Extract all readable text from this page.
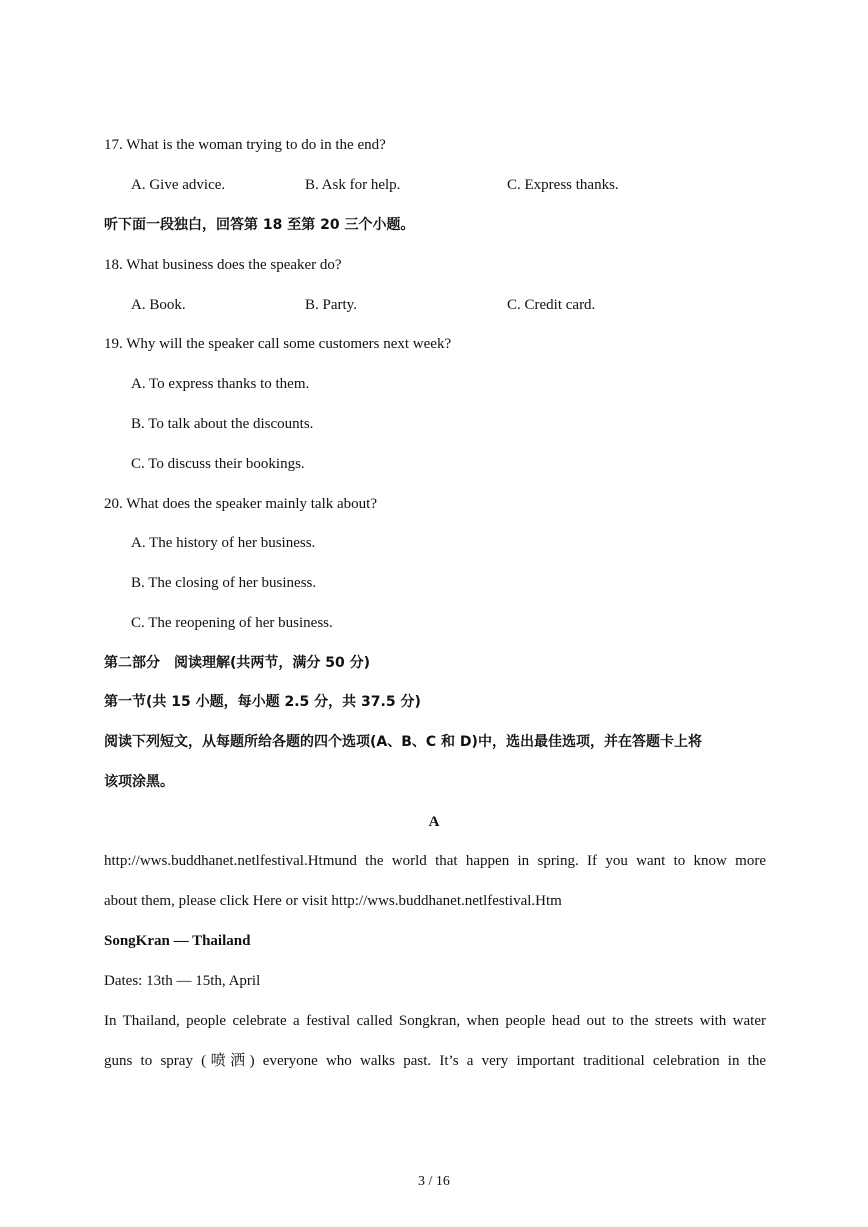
17. What is the woman trying to do in the end?
A. Give advice.	B. Ask for help.	C. Express thanks.
听下面一段独白，回答第 18 至第 20 三个小题。
18. What business does the speaker do?
A. Book.	B. Party.	C. Credit card.
19. Why will the speaker call some customers next week?
A. To express thanks to them.
B. To talk about the discounts.
C. To discuss their bookings.
20. What does the speaker mainly talk about?
A. The history of her business.
B. The closing of her business.
C. The reopening of her business.
第二部分　阅读理解(共两节，满分 50 分)
第一节(共 15 小题，每小题 2.5 分，共 37.5 分)
阅读下列短文，从每题所给各题的四个选项(A、B、C 和 D)中，选出最佳选项，并在答题卡上将
该项涂黑。
A
http://wws.buddhanet.netlfestival.Htmund the world that happen in spring. If you want to know more
about them, please click Here or visit http://wws.buddhanet.netlfestival.Htm
SongKran — Thailand
Dates: 13th — 15th, April
In Thailand, people celebrate a festival called Songkran, when people head out to the streets with water
guns to spray (喷洒) everyone who walks past. It’s a very important traditional celebration in the
3 / 16
